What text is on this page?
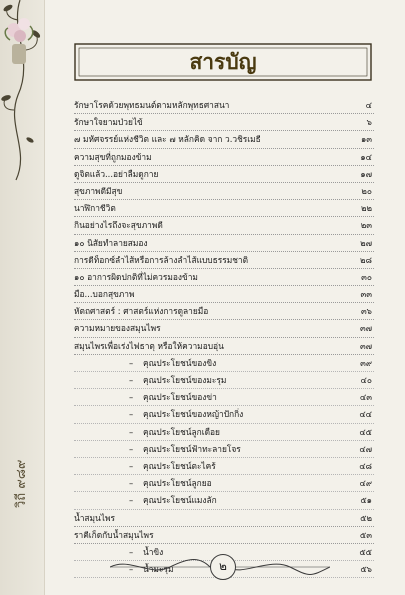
วิถี ๙๘๙
สารบัญ
รักษาโรคด้วยพุทธมนต์ตามหลักพุทธศาสนา	๔
รักษาใจยามป่วยไข้	๖
๗ มหัศจรรย์แห่งชีวิต และ ๗ หลักคิด จาก ว.วชิรเมธี	๑๓
ความสุขที่ถูกมองข้าม	๑๔
ดูจิตแล้ว...อย่าลืมดูกาย	๑๗
สุขภาพดีมีสุข	๒๐
นาฬิกาชีวิต	๒๒
กินอย่างไรถึงจะสุขภาพดี	๒๓
๑๐ นิสัยทำลายสมอง	๒๗
การดีท็อกซ์ลำไส้หรือการล้างลำไส้แบบธรรมชาติ	๒๘
๑๐ อาการผิดปกติที่ไม่ควรมองข้าม	๓๐
มือ...บอกสุขภาพ	๓๓
หัตถศาสตร์ : ศาสตร์แห่งการดูลายมือ	๓๖
ความหมายของสมุนไพร	๓๗
สมุนไพรเพื่อเร่งไฟธาตุ หรือให้ความอบอุ่น	๓๗
– คุณประโยชน์ของขิง	๓๙
– คุณประโยชน์ของมะรุม	๔๐
– คุณประโยชน์ของข่า	๔๓
– คุณประโยชน์ของหญ้าปักกิ่ง	๔๔
– คุณประโยชน์ลูกเดือย	๔๕
– คุณประโยชน์ฟ้าทะลายโจร	๔๗
– คุณประโยชน์ตะไคร้	๔๘
– คุณประโยชน์ลูกยอ	๔๙
– คุณประโยชน์แมงลัก	๕๑
น้ำสมุนไพร	๕๒
ราคีเก็ดกับน้ำสมุนไพร	๕๓
– น้ำขิง	๕๕
– น้ำมะรุม	๕๖
๒
